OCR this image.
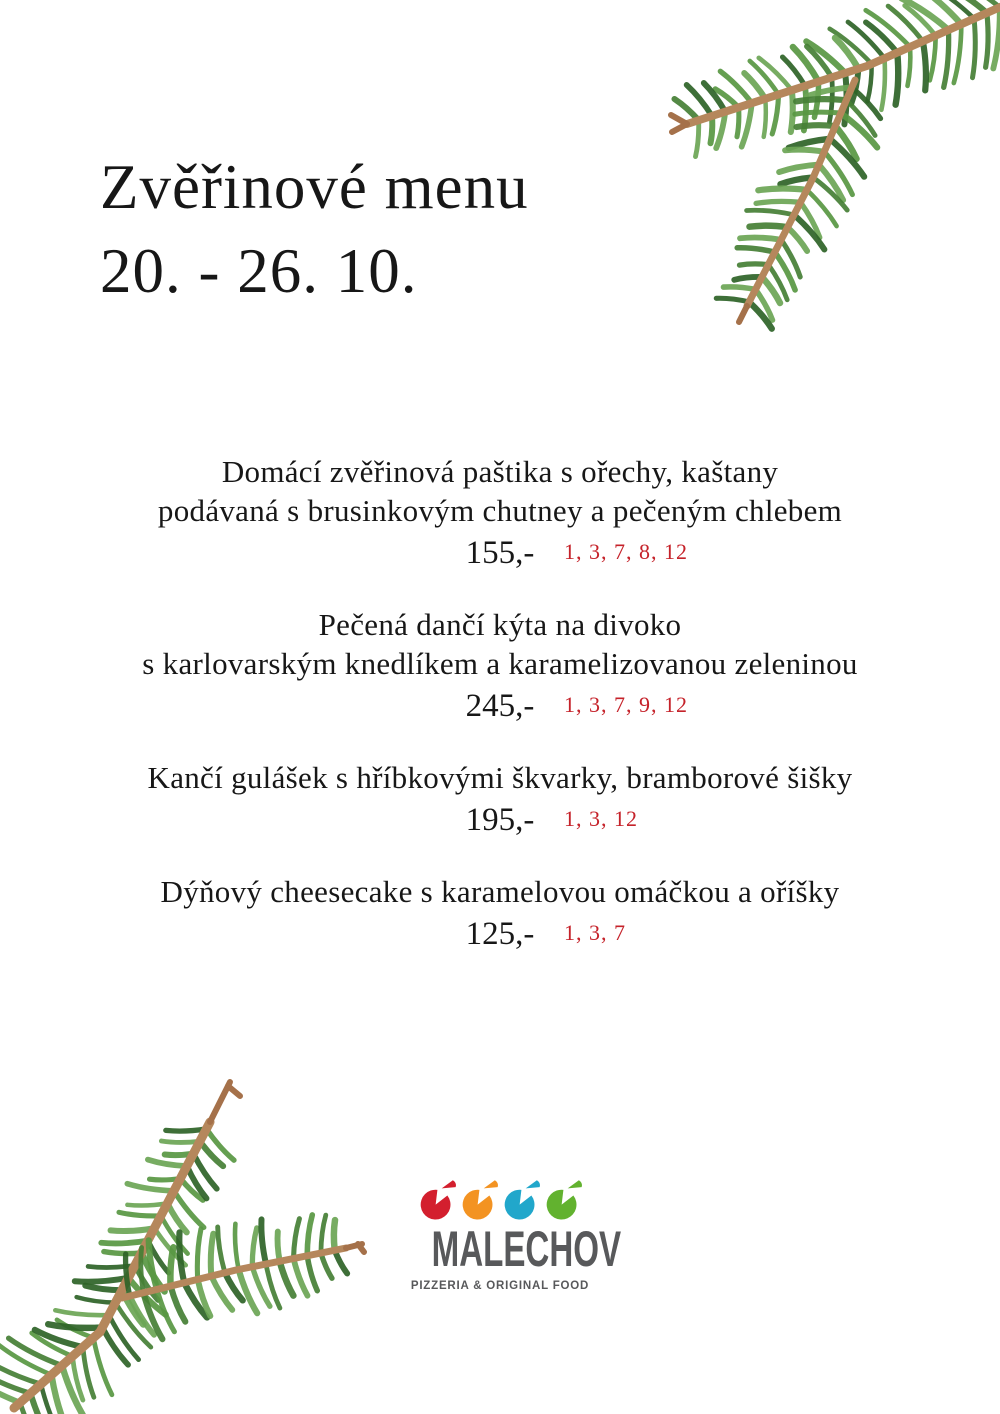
Zvěřinové menu
20. - 26. 10.
Domácí zvěřinová paštika s ořechy, kaštany
podávaná s brusinkovým chutney a pečeným chlebem
155,- 1, 3, 7, 8, 12
Pečená dančí kýta na divoko
s karlovarským knedlíkem a karamelizovanou zeleninou
245,- 1, 3, 7, 9, 12
Kančí gulášek s hříbkovými škvarky, bramborové šišky
195,- 1, 3, 12
Dýňový cheesecake s karamelovou omáčkou a oříšky
125,- 1, 3, 7
MALECHOV
PIZZERIA & ORIGINAL FOOD
